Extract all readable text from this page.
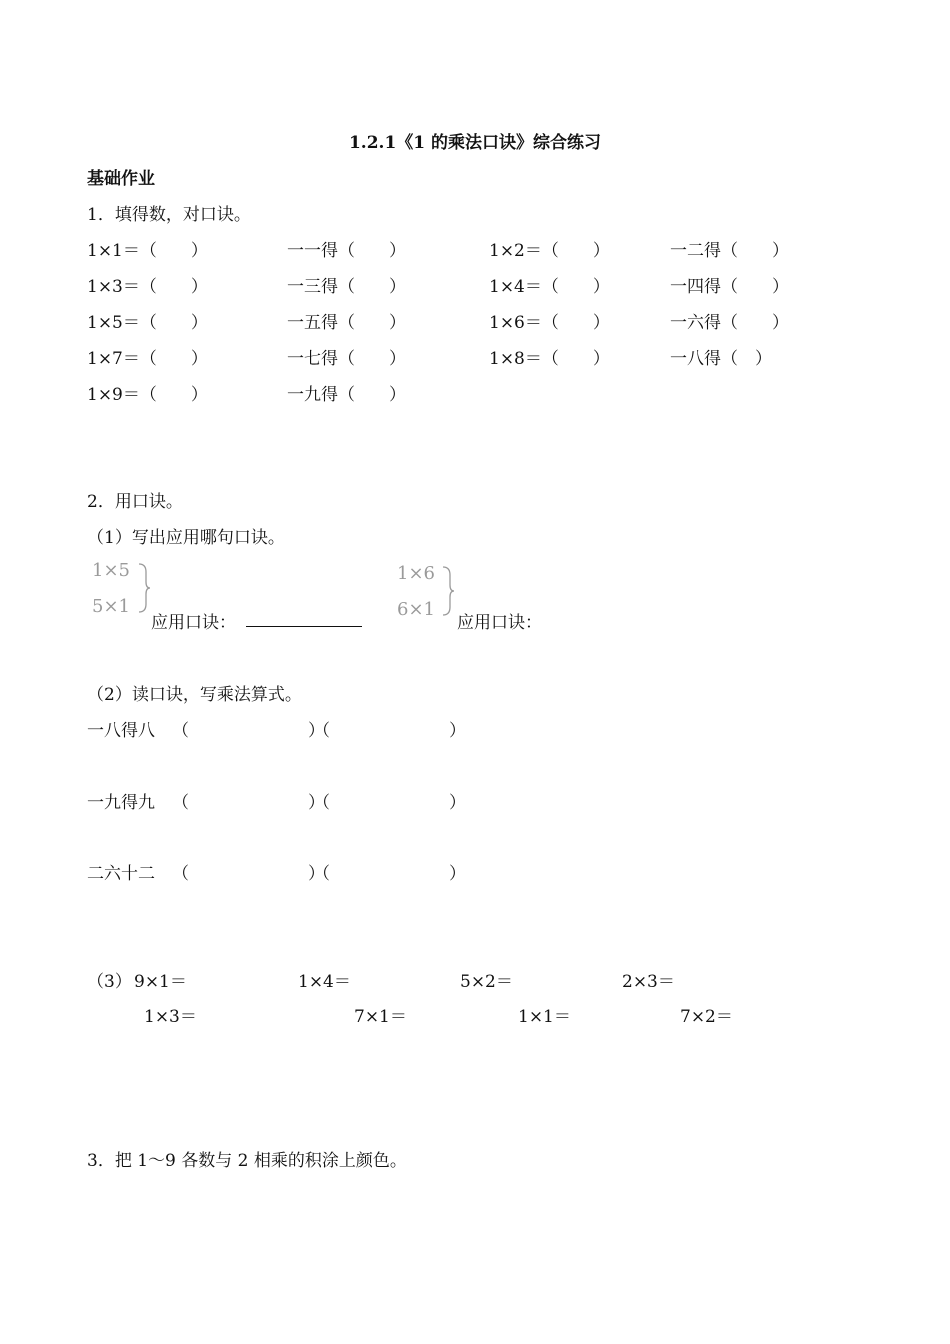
1.2.1《1 的乘法口诀》综合练习
基础作业
1．填得数，对口诀。
1×1＝（　　）	一一得（　　）	1×2＝（　　）	一二得（　　）
1×3＝（　　）	一三得（　　）	1×4＝（　　）	一四得（　　）
1×5＝（　　）	一五得（　　）	1×6＝（　　）	一六得（　　）
1×7＝（　　）	一七得（　　）	1×8＝（　　）	一八得（　）
1×9＝（　　）	一九得（　　）
2．用口诀。
（1）写出应用哪句口诀。
1×5
5×1
应用口诀：
1×6
6×1
应用口诀：
（2）读口诀，写乘法算式。
一八得八 （　　　　　　　）
（　　　　　　　）
一九得九 （　　　　　　　）
（　　　　　　　）
二六十二 （　　　　　　　）
（　　　　　　　）
（3） 9×1＝	1×4＝	5×2＝	2×3＝
1×3＝	7×1＝	1×1＝	7×2＝
3．把 1～9 各数与 2 相乘的积涂上颜色。
